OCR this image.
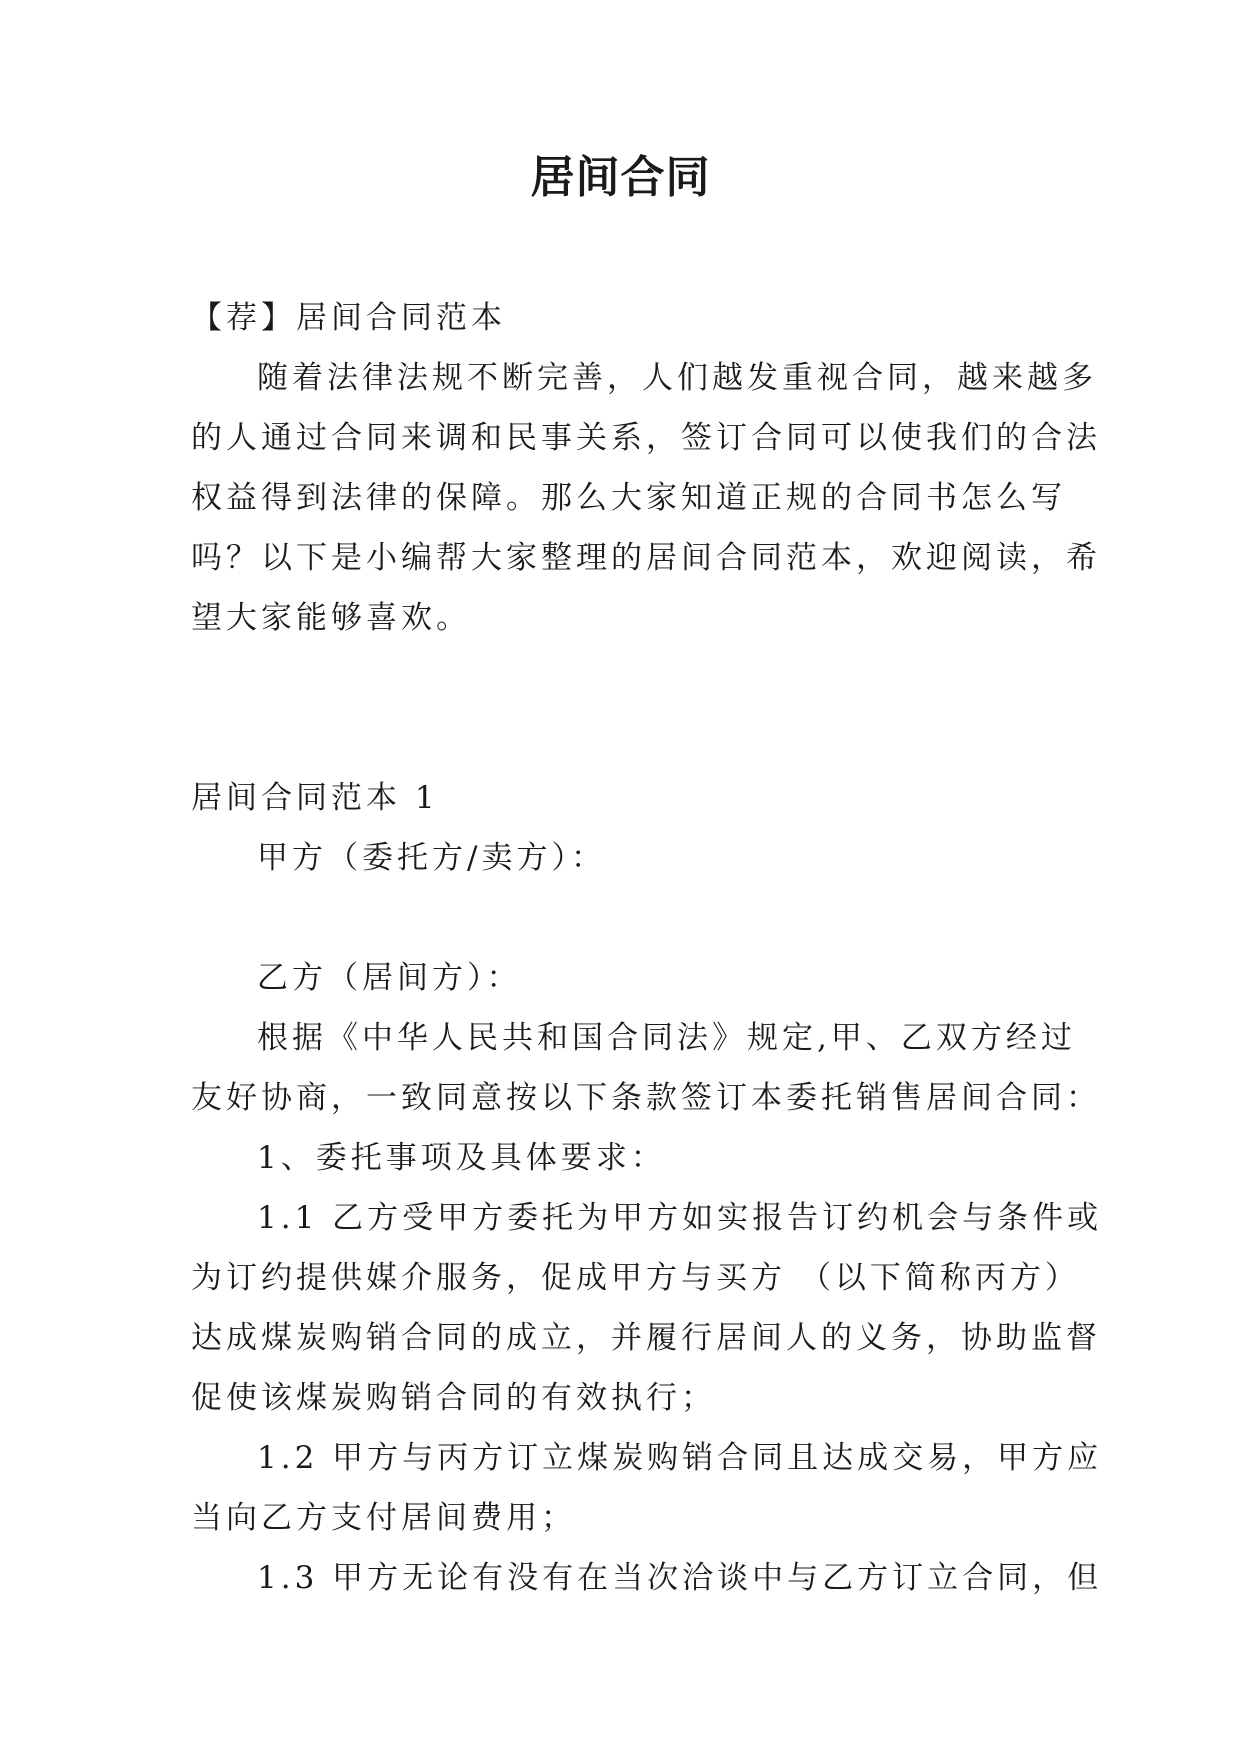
居间合同
【荐】居间合同范本
随着法律法规不断完善，人们越发重视合同，越来越多
的人通过合同来调和民事关系，签订合同可以使我们的合法
权益得到法律的保障。那么大家知道正规的合同书怎么写
吗？以下是小编帮大家整理的居间合同范本，欢迎阅读，希
望大家能够喜欢。
居间合同范本 1
甲方（委托方/卖方）：
乙方（居间方）：
根据《中华人民共和国合同法》规定,甲、乙双方经过
友好协商，一致同意按以下条款签订本委托销售居间合同：
1、委托事项及具体要求：
1.1 乙方受甲方委托为甲方如实报告订约机会与条件或
为订约提供媒介服务，促成甲方与买方 （以下简称丙方）
达成煤炭购销合同的成立，并履行居间人的义务，协助监督
促使该煤炭购销合同的有效执行；
1.2 甲方与丙方订立煤炭购销合同且达成交易，甲方应
当向乙方支付居间费用；
1.3 甲方无论有没有在当次洽谈中与乙方订立合同，但
